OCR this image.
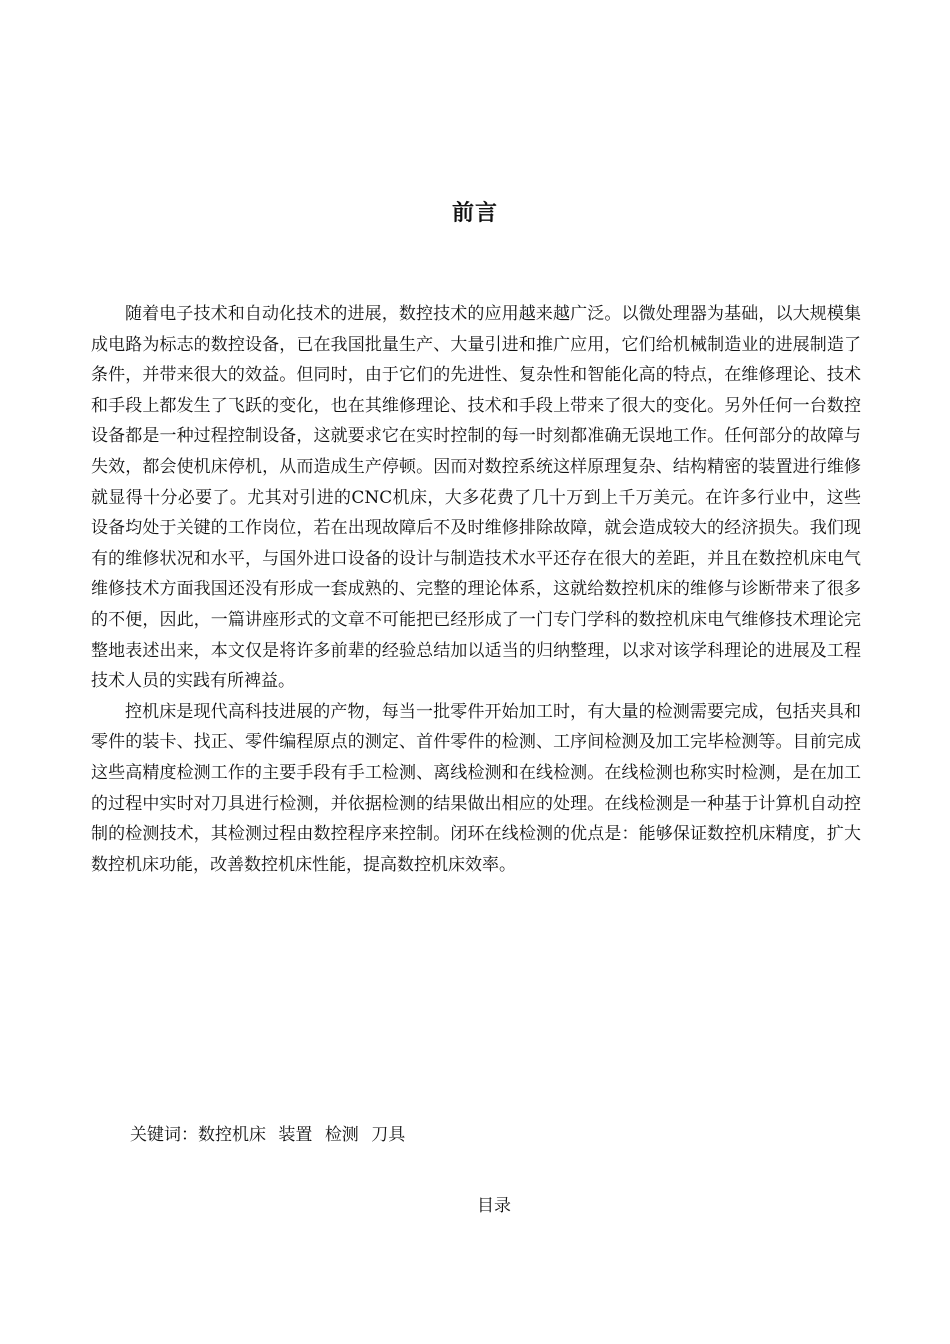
前言

随着电子技术和自动化技术的进展，数控技术的应用越来越广泛。以微处理器为基础，以大规模集成电路为标志的数控设备，已在我国批量生产、大量引进和推广应用，它们给机械制造业的进展制造了条件，并带来很大的效益。但同时，由于它们的先进性、复杂性和智能化高的特点，在维修理论、技术和手段上都发生了飞跃的变化，也在其维修理论、技术和手段上带来了很大的变化。另外任何一台数控设备都是一种过程控制设备，这就要求它在实时控制的每一时刻都准确无误地工作。任何部分的故障与失效，都会使机床停机，从而造成生产停顿。因而对数控系统这样原理复杂、结构精密的装置进行维修就显得十分必要了。尤其对引进的CNC机床，大多花费了几十万到上千万美元。在许多行业中，这些设备均处于关键的工作岗位，若在出现故障后不及时维修排除故障，就会造成较大的经济损失。我们现有的维修状况和水平，与国外进口设备的设计与制造技术水平还存在很大的差距，并且在数控机床电气维修技术方面我国还没有形成一套成熟的、完整的理论体系，这就给数控机床的维修与诊断带来了很多的不便，因此，一篇讲座形式的文章不可能把已经形成了一门专门学科的数控机床电气维修技术理论完整地表述出来，本文仅是将许多前辈的经验总结加以适当的归纳整理，以求对该学科理论的进展及工程技术人员的实践有所裨益。

控机床是现代高科技进展的产物，每当一批零件开始加工时，有大量的检测需要完成，包括夹具和零件的装卡、找正、零件编程原点的测定、首件零件的检测、工序间检测及加工完毕检测等。目前完成这些高精度检测工作的主要手段有手工检测、离线检测和在线检测。在线检测也称实时检测，是在加工的过程中实时对刀具进行检测，并依据检测的结果做出相应的处理。在线检测是一种基于计算机自动控制的检测技术，其检测过程由数控程序来控制。闭环在线检测的优点是：能够保证数控机床精度，扩大数控机床功能，改善数控机床性能，提高数控机床效率。

关键词：数控机床 装置 检测 刀具
目录
